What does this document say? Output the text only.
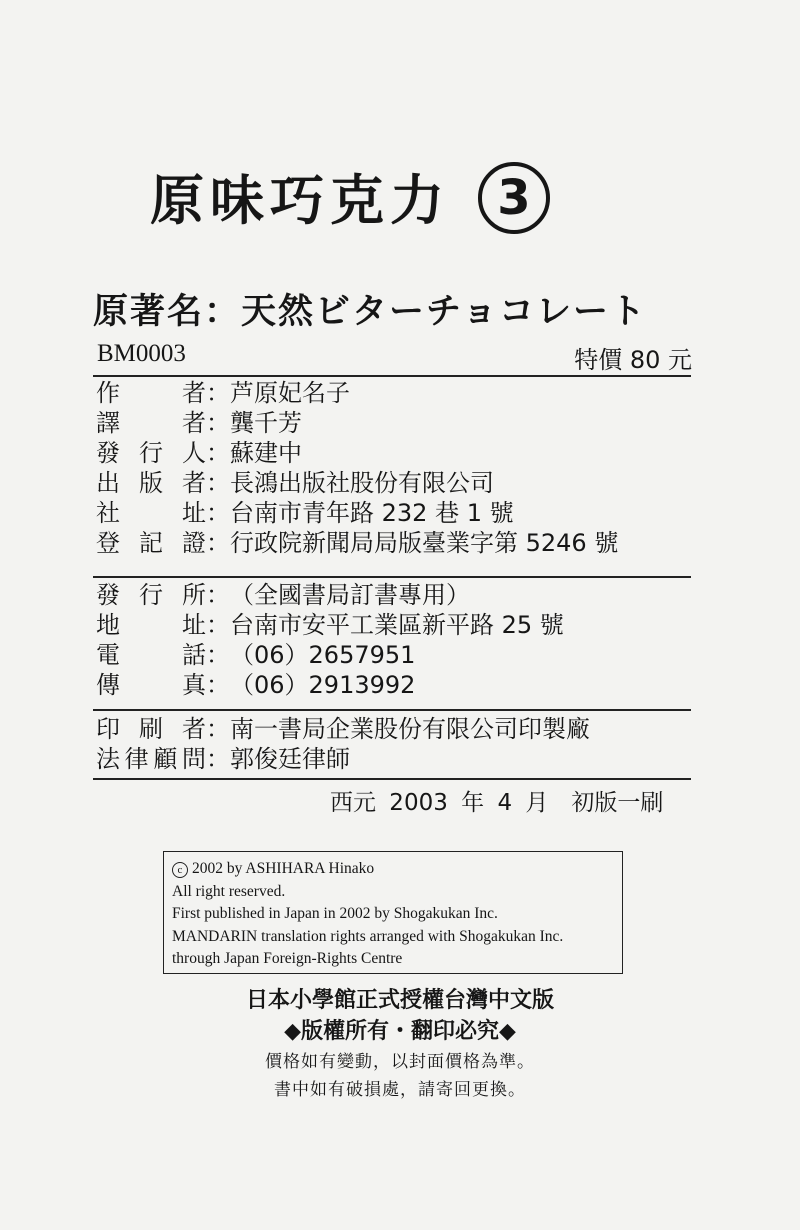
原味巧克力 3
原著名：天然ビターチョコレート
BM0003	特價 80 元
作	者 ： 芦原妃名子
譯	者 ： 龔千芳
發 行 人 ： 蘇建中
出 版 者 ： 長鴻出版社股份有限公司
社	址 ： 台南市青年路 232 巷 1 號
登 記 證 ： 行政院新聞局局版臺業字第 5246 號
發 行 所 ： （全國書局訂書專用）
地	址 ： 台南市安平工業區新平路 25 號
電	話 ： （06）2657951
傳	真 ： （06）2913992
印 刷 者 ： 南一書局企業股份有限公司印製廠
法 律 顧 問 ： 郭俊廷律師
西元 2003 年 4 月　初版一刷
c 2002 by ASHIHARA Hinako
All right reserved.
First published in Japan in 2002 by Shogakukan Inc.
MANDARIN translation rights arranged with Shogakukan Inc.
through Japan Foreign-Rights Centre
日本小學館正式授權台灣中文版
◆版權所有・翻印必究◆
價格如有變動，以封面價格為準。
書中如有破損處，請寄回更換。
